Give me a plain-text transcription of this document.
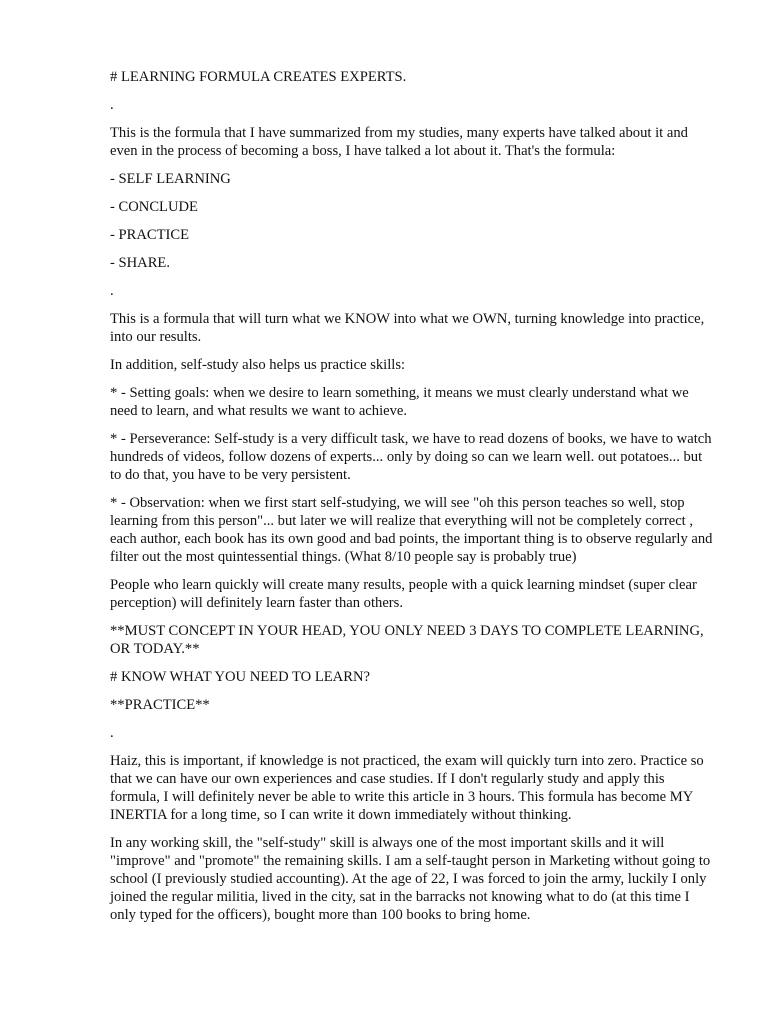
# LEARNING FORMULA CREATES EXPERTS.

.

This is the formula that I have summarized from my studies, many experts have talked about it and even in the process of becoming a boss, I have talked a lot about it. That's the formula:

- SELF LEARNING

- CONCLUDE

- PRACTICE

- SHARE.

.

This is a formula that will turn what we KNOW into what we OWN, turning knowledge into practice, into our results.

In addition, self-study also helps us practice skills:

* - Setting goals: when we desire to learn something, it means we must clearly understand what we need to learn, and what results we want to achieve.

* - Perseverance: Self-study is a very difficult task, we have to read dozens of books, we have to watch hundreds of videos, follow dozens of experts... only by doing so can we learn well. out potatoes... but to do that, you have to be very persistent.

* - Observation: when we first start self-studying, we will see "oh this person teaches so well, stop learning from this person"... but later we will realize that everything will not be completely correct , each author, each book has its own good and bad points, the important thing is to observe regularly and filter out the most quintessential things. (What 8/10 people say is probably true)

People who learn quickly will create many results, people with a quick learning mindset (super clear perception) will definitely learn faster than others.

**MUST CONCEPT IN YOUR HEAD, YOU ONLY NEED 3 DAYS TO COMPLETE LEARNING, OR TODAY.**

# KNOW WHAT YOU NEED TO LEARN?

**PRACTICE**

.

Haiz, this is important, if knowledge is not practiced, the exam will quickly turn into zero. Practice so that we can have our own experiences and case studies. If I don't regularly study and apply this formula, I will definitely never be able to write this article in 3 hours. This formula has become MY INERTIA for a long time, so I can write it down immediately without thinking.

In any working skill, the "self-study" skill is always one of the most important skills and it will "improve" and "promote" the remaining skills. I am a self-taught person in Marketing without going to school (I previously studied accounting). At the age of 22, I was forced to join the army, luckily I only joined the regular militia, lived in the city, sat in the barracks not knowing what to do (at this time I only typed for the officers), bought more than 100 books to bring home.
